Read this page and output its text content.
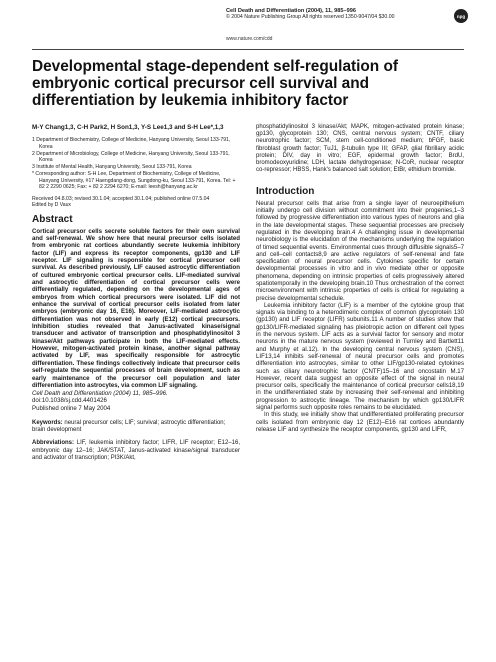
Cell Death and Differentiation (2004), 11, 985–996
© 2004 Nature Publishing Group All rights reserved 1350-9047/04 $30.00	npg
www.nature.com/cdd
Developmental stage-dependent self-regulation of embryonic cortical precursor cell survival and differentiation by leukemia inhibitory factor
M-Y Chang1,3, C-H Park2, H Son1,3, Y-S Lee1,3 and S-H Lee*,1,3

1 Department of Biochemistry, College of Medicine, Hanyang University, Seoul 133-791, Korea

2 Department of Microbiology, College of Medicine, Hanyang University, Seoul 133-791, Korea

3 Institute of Mental Health, Hanyang University, Seoul 133-791, Korea

* Corresponding author: S-H Lee, Department of Biochemistry, College of Medicine, Hanyang University, #17 Haengdang-dong, Sungdong-ku, Seoul 133-791, Korea. Tel: + 82 2 2290 0625; Fax: + 82 2 2294 6270; E-mail: leesh@hanyang.ac.kr

Received 04.8.03; revised 30.1.04; accepted 30.1.04; published online 07.5.04
Edited by D Vaux
Abstract

Cortical precursor cells secrete soluble factors for their own survival and self-renewal. We show here that neural precursor cells isolated from embryonic rat cortices abundantly secrete leukemia inhibitory factor (LIF) and express its receptor components, gp130 and LIF receptor. LIF signaling is responsible for cortical precursor cell survival. As described previously, LIF caused astrocytic differentiation of cultured embryonic cortical precursor cells. LIF-mediated survival and astrocytic differentiation of cortical precursor cells were differentially regulated, depending on the developmental ages of embryos from which cortical precursors were isolated. LIF did not enhance the survival of cortical precursor cells isolated from later embryos (embryonic day 16, E16). Moreover, LIF-mediated astrocytic differentiation was not observed in early (E12) cortical precursors. Inhibition studies revealed that Janus-activated kinase/signal transducer and activator of transcription and phosphatidylinositol 3 kinase/Akt pathways participate in both the LIF-mediated effects. However, mitogen-activated protein kinase, another signal pathway activated by LIF, was specifically responsible for astrocytic differentiation. These findings collectively indicate that precursor cells self-regulate the sequential processes of brain development, such as early maintenance of the precursor cell population and later differentiation into astrocytes, via common LIF signaling.

Cell Death and Differentiation (2004) 11, 985–996.

doi:10.1038/sj.cdd.4401426

Published online 7 May 2004

Keywords: neural precursor cells; LIF; survival; astrocytic differentiation; brain development
Abbreviations: LIF, leukemia inhibitory factor; LIFR, LIF receptor; E12–16, embryonic day 12–16; JAK/STAT, Janus-activated kinase/signal transducer and activator of transcription; PI3K/Akt,

phosphatidylinositol 3 kinase/Akt; MAPK, mitogen-activated protein kinase; gp130, glycoprotein 130; CNS, central nervous system; CNTF, ciliary neurotrophic factor; SCM, stem cell-conditioned medium; bFGF, basic fibroblast growth factor; TuJ1, β-tubulin type III; GFAP, glial fibrillary acidic protein; DIV, day in vitro; EGF, epidermal growth factor; BrdU, bromodeoxyuridine; LDH, lactate dehydrogenase; N-CoR, nuclear receptor co-repressor; HBSS, Hank's balanced salt solution; EtBr, ethidium bromide.

Introduction

Neural precursor cells that arise from a single layer of neuroepithelium initially undergo cell division without commitment into their progenies,1–3 followed by progressive differentiation into various types of neurons and glia in the late developmental stages. These sequential processes are precisely regulated in the developing brain.4 A challenging issue in developmental neurobiology is the elucidation of the mechanisms underlying the regulation of timed sequential events. Environmental cues through diffusible signals5–7 and cell–cell contacts8,9 are active regulators of self-renewal and fate specification of neural precursor cells. Cytokines specific for certain developmental processes in vitro and in vivo mediate other or opposite phenomena, depending on intrinsic properties of cells progressively altered spatiotemporally in the developing brain.10 Thus orchestration of the correct microenvironment with intrinsic properties of cells is critical for regulating a precise developmental schedule.

Leukemia inhibitory factor (LIF) is a member of the cytokine group that signals via binding to a heterodimeric complex of common glycoprotein 130 (gp130) and LIF receptor (LIFR) subunits.11 A number of studies show that gp130/LIFR-mediated signaling has pleiotropic action on different cell types in the nervous system. LIF acts as a survival factor for sensory and motor neurons in the mature nervous system (reviewed in Turnley and Bartlett11 and Murphy et al.12). In the developing central nervous system (CNS), LIF13,14 inhibits self-renewal of neural precursor cells and promotes differentiation into astrocytes, similar to other LIF/gp130-related cytokines such as ciliary neurotrophic factor (CNTF)15–16 and oncostatin M.17 However, recent data suggest an opposite effect of the signal in neural precursor cells, specifically the maintenance of cortical precursor cells18,19 in the undifferentiated state by increasing their self-renewal and inhibiting progression to astrocytic lineage. The mechanism by which gp130/LIFR signal performs such opposite roles remains to be elucidated.

In this study, we initially show that undifferentiated proliferating precursor cells isolated from embryonic day 12 (E12)–E16 rat cortices abundantly release LIF and synthesize the receptor components, gp130 and LIFR,
